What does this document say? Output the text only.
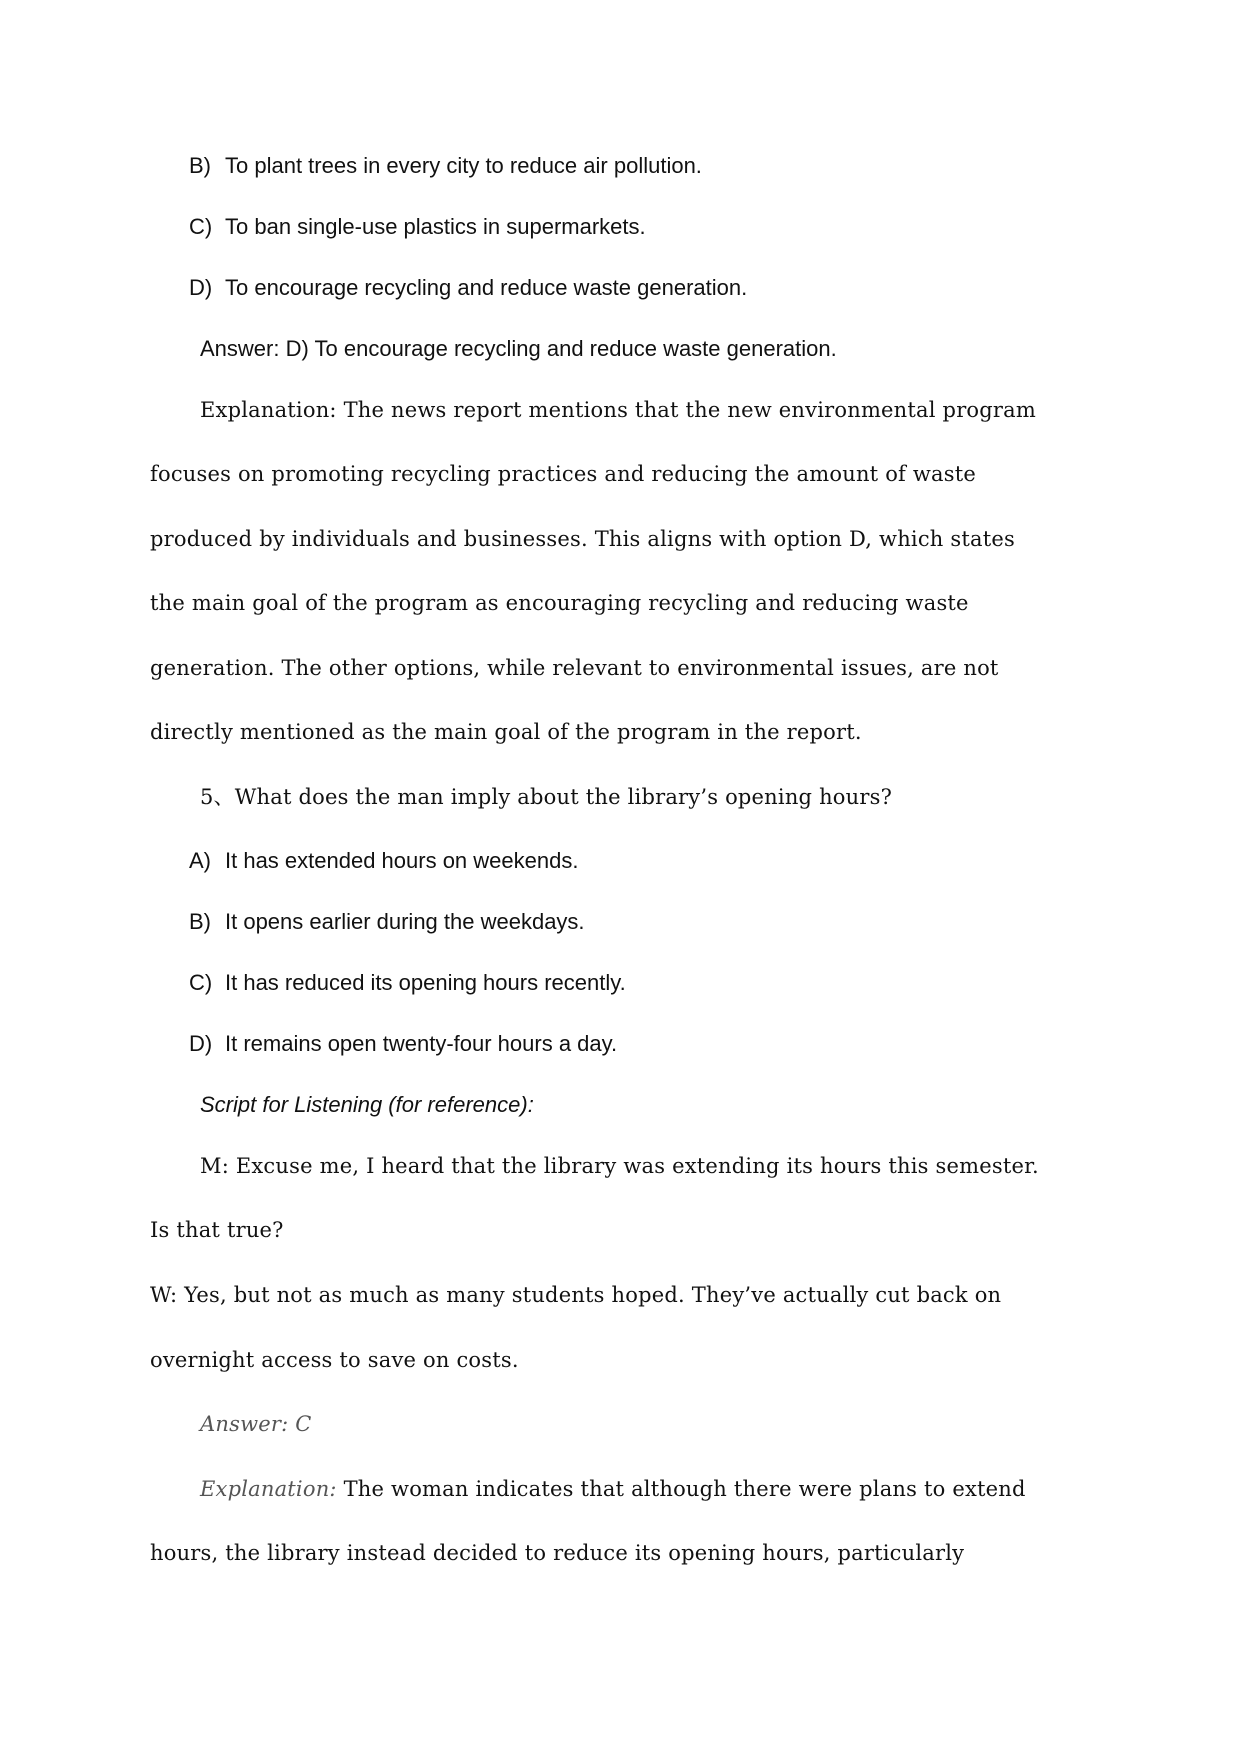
B) To plant trees in every city to reduce air pollution.
C) To ban single-use plastics in supermarkets.
D) To encourage recycling and reduce waste generation.
Answer: D) To encourage recycling and reduce waste generation.
Explanation: The news report mentions that the new environmental program
focuses on promoting recycling practices and reducing the amount of waste
produced by individuals and businesses. This aligns with option D, which states
the main goal of the program as encouraging recycling and reducing waste
generation. The other options, while relevant to environmental issues, are not
directly mentioned as the main goal of the program in the report.
5、What does the man imply about the library’s opening hours?
A) It has extended hours on weekends.
B) It opens earlier during the weekdays.
C) It has reduced its opening hours recently.
D) It remains open twenty-four hours a day.
Script for Listening (for reference):
M: Excuse me, I heard that the library was extending its hours this semester.
Is that true?
W: Yes, but not as much as many students hoped. They’ve actually cut back on
overnight access to save on costs.
Answer: C
Explanation: The woman indicates that although there were plans to extend
hours, the library instead decided to reduce its opening hours, particularly
